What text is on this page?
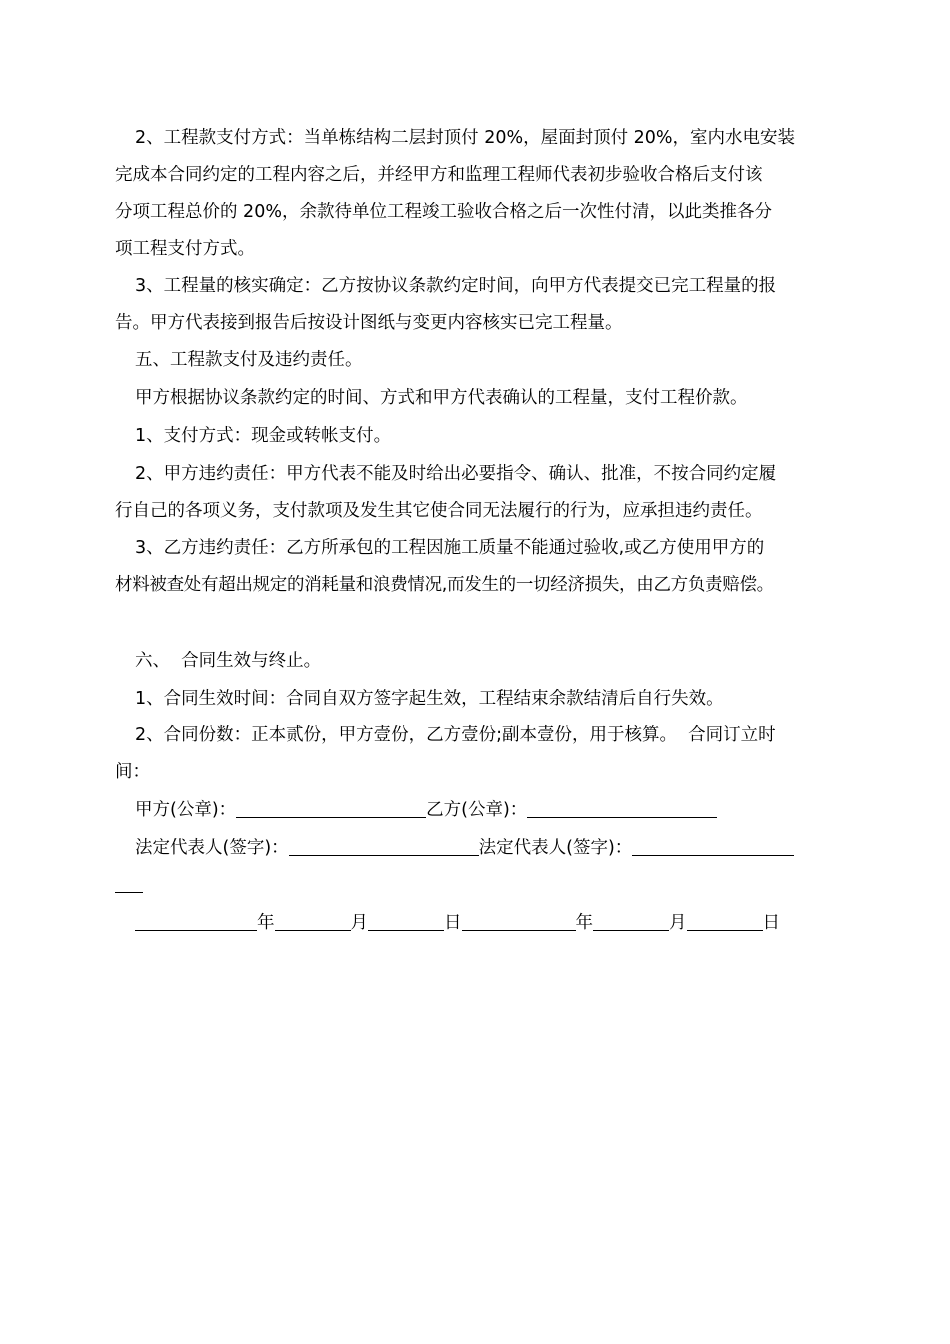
2、工程款支付方式：当单栋结构二层封顶付 20%，屋面封顶付 20%，室内水电安装
完成本合同约定的工程内容之后，并经甲方和监理工程师代表初步验收合格后支付该
分项工程总价的 20%，余款待单位工程竣工验收合格之后一次性付清，以此类推各分
项工程支付方式。
3、工程量的核实确定：乙方按协议条款约定时间，向甲方代表提交已完工程量的报
告。甲方代表接到报告后按设计图纸与变更内容核实已完工程量。
五、工程款支付及违约责任。
甲方根据协议条款约定的时间、方式和甲方代表确认的工程量，支付工程价款。
1、支付方式：现金或转帐支付。
2、甲方违约责任：甲方代表不能及时给出必要指令、确认、批准，不按合同约定履
行自己的各项义务，支付款项及发生其它使合同无法履行的行为，应承担违约责任。
3、乙方违约责任：乙方所承包的工程因施工质量不能通过验收,或乙方使用甲方的
材料被查处有超出规定的消耗量和浪费情况,而发生的一切经济损失，由乙方负责赔偿。
六、  合同生效与终止。
1、合同生效时间：合同自双方签字起生效，工程结束余款结清后自行失效。
2、合同份数：正本贰份，甲方壹份，乙方壹份;副本壹份，用于核算。  合同订立时
间：
甲方(公章)：	乙方(公章)：
法定代表人(签字)：	法定代表人(签字)：
年	月	日	年	月	日
